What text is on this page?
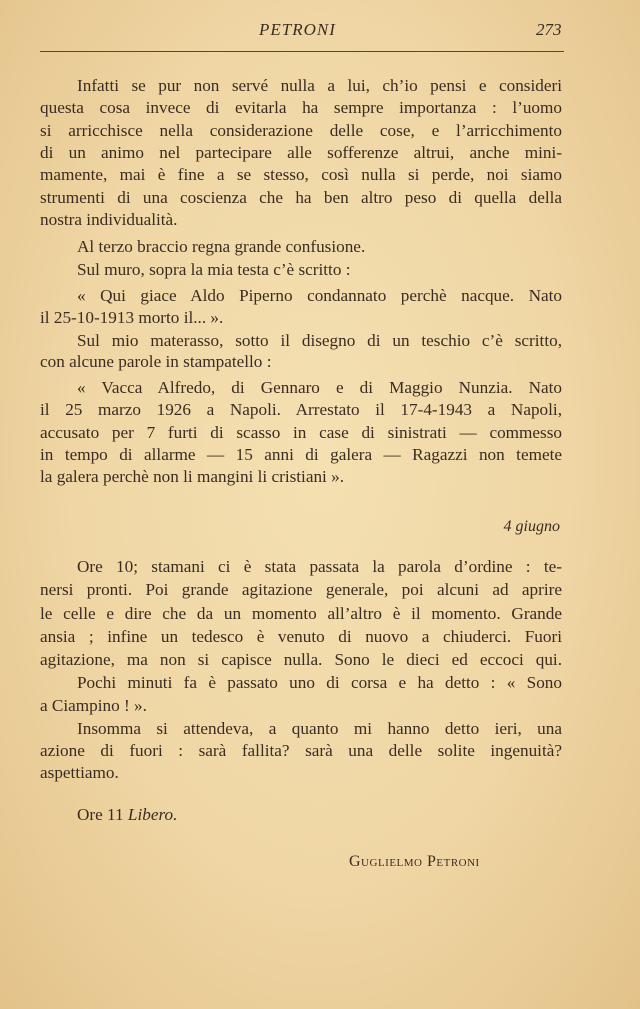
PETRONI	273
Infatti se pur non servé nulla a lui, ch’io pensi e consideri
questa cosa invece di evitarla ha sempre importanza : l’uomo
si arricchisce nella considerazione delle cose, e l’arricchimento
di un animo nel partecipare alle sofferenze altrui, anche mini-
mamente, mai è fine a se stesso, così nulla si perde, noi siamo
strumenti di una coscienza che ha ben altro peso di quella della
nostra individualità.
Al terzo braccio regna grande confusione.
Sul muro, sopra la mia testa c’è scritto :
« Qui giace Aldo Piperno condannato perchè nacque. Nato
il 25-10-1913 morto il... ».
Sul mio materasso, sotto il disegno di un teschio c’è scritto,
con alcune parole in stampatello :
« Vacca Alfredo, di Gennaro e di Maggio Nunzia. Nato
il 25 marzo 1926 a Napoli. Arrestato il 17-4-1943 a Napoli,
accusato per 7 furti di scasso in case di sinistrati — commesso
in tempo di allarme — 15 anni di galera — Ragazzi non temete
la galera perchè non li mangini li cristiani ».
4 giugno
Ore 10; stamani ci è stata passata la parola d’ordine : te-
nersi pronti. Poi grande agitazione generale, poi alcuni ad aprire
le celle e dire che da un momento all’altro è il momento. Grande
ansia ; infine un tedesco è venuto di nuovo a chiuderci. Fuori
agitazione, ma non si capisce nulla. Sono le dieci ed eccoci qui.
Pochi minuti fa è passato uno di corsa e ha detto : « Sono
a Ciampino ! ».
Insomma si attendeva, a quanto mi hanno detto ieri, una
azione di fuori : sarà fallita? sarà una delle solite ingenuità?
aspettiamo.
Ore 11 Libero.
Guglielmo Petroni
